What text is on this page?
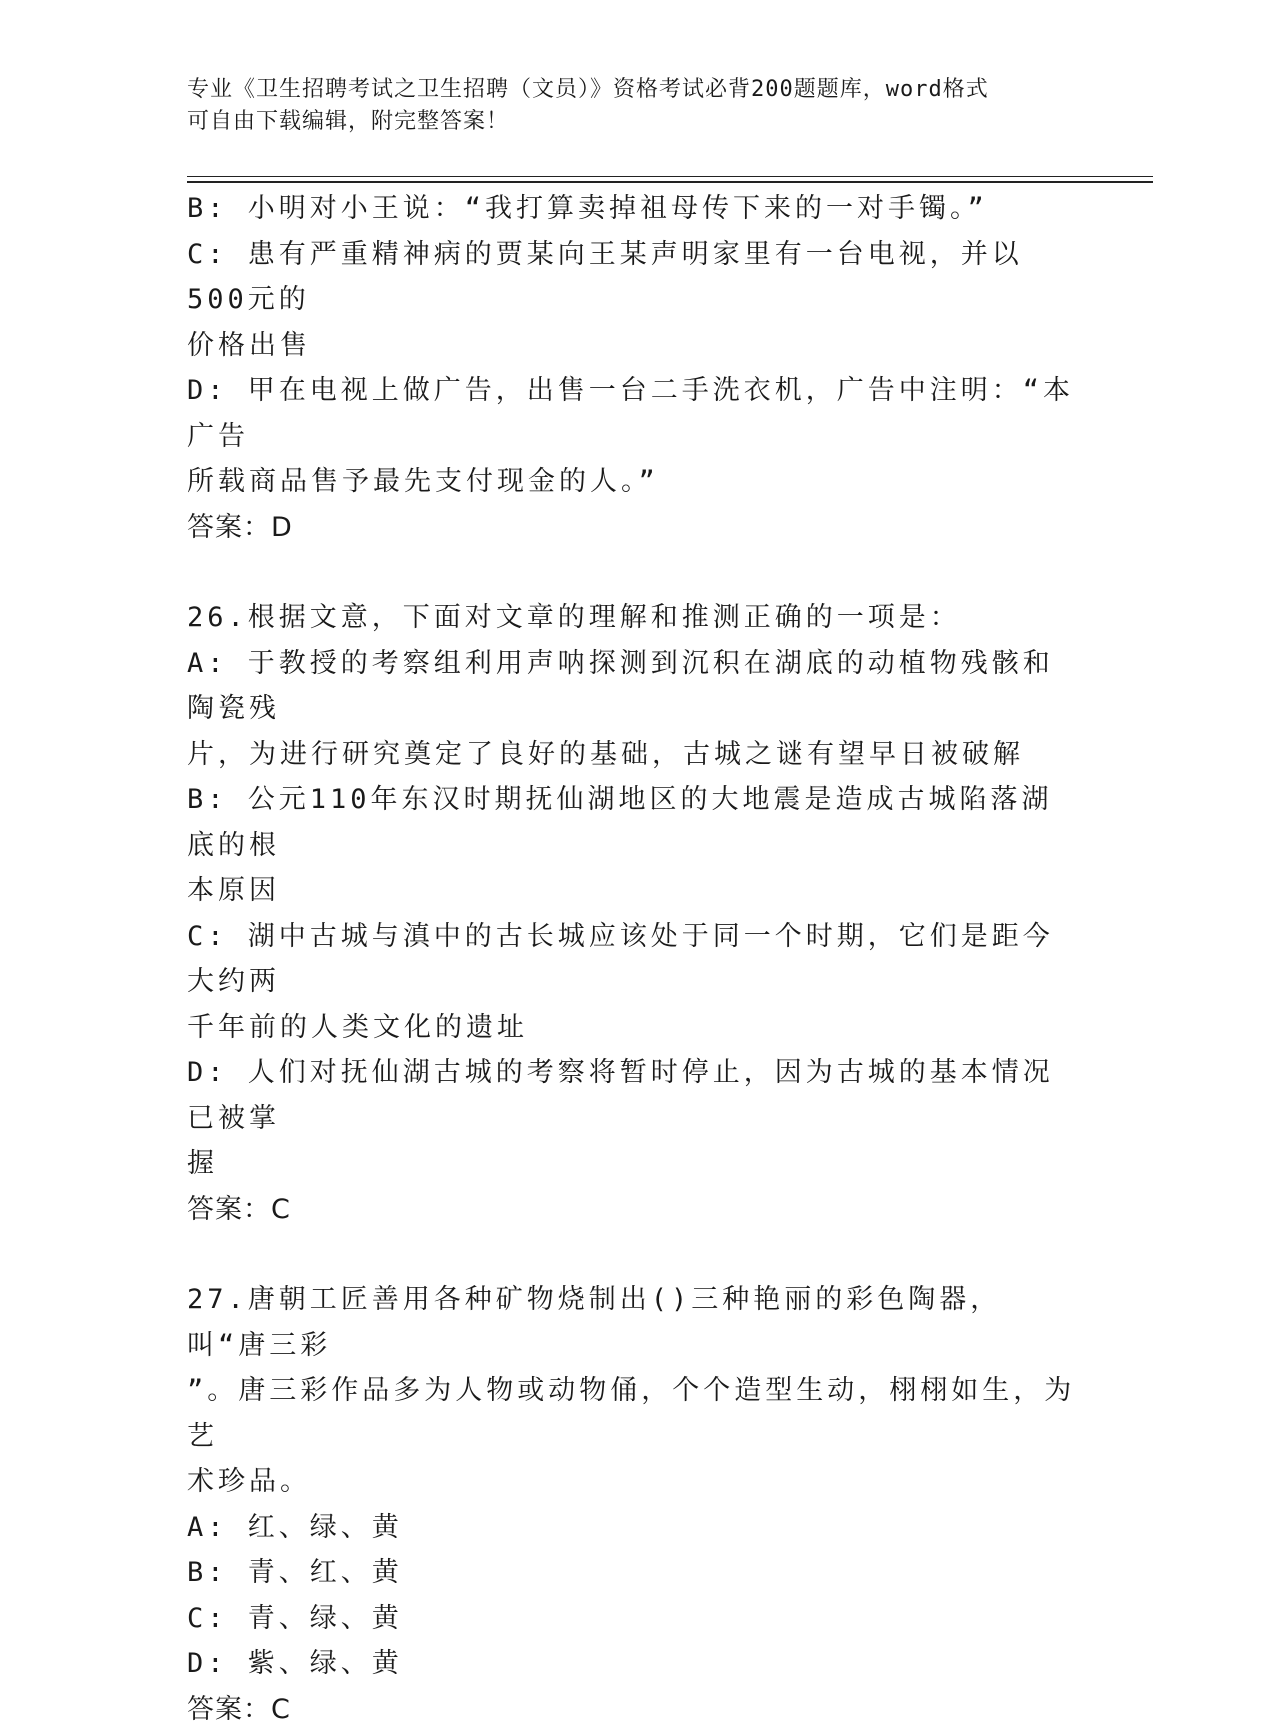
专业《卫生招聘考试之卫生招聘（文员）》资格考试必背200题题库，word格式
可自由下载编辑，附完整答案！
B: 小明对小王说：“我打算卖掉祖母传下来的一对手镯。”
C: 患有严重精神病的贾某向王某声明家里有一台电视，并以500元的
价格出售
D: 甲在电视上做广告，出售一台二手洗衣机，广告中注明：“本广告
所载商品售予最先支付现金的人。”
答案：D
26.根据文意，下面对文章的理解和推测正确的一项是：
A: 于教授的考察组利用声呐探测到沉积在湖底的动植物残骸和陶瓷残
片，为进行研究奠定了良好的基础，古城之谜有望早日被破解
B: 公元110年东汉时期抚仙湖地区的大地震是造成古城陷落湖底的根
本原因
C: 湖中古城与滇中的古长城应该处于同一个时期，它们是距今大约两
千年前的人类文化的遗址
D: 人们对抚仙湖古城的考察将暂时停止，因为古城的基本情况已被掌
握
答案：C
27.唐朝工匠善用各种矿物烧制出()三种艳丽的彩色陶器，叫“唐三彩
”。唐三彩作品多为人物或动物俑，个个造型生动，栩栩如生，为艺
术珍品。
A: 红、绿、黄
B: 青、红、黄
C: 青、绿、黄
D: 紫、绿、黄
答案：C
